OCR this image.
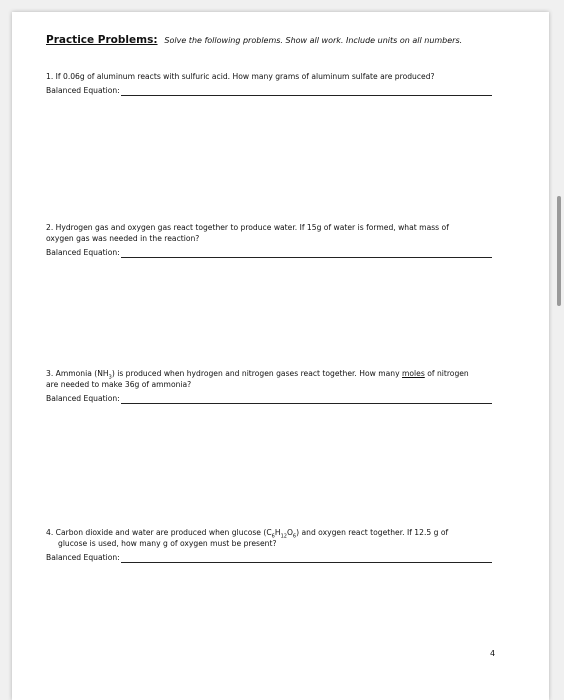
Practice Problems: Solve the following problems. Show all work. Include units on all numbers.
1. If 0.06g of aluminum reacts with sulfuric acid. How many grams of aluminum sulfate are produced?
Balanced Equation:
2. Hydrogen gas and oxygen gas react together to produce water. If 15g of water is formed, what mass of
oxygen gas was needed in the reaction?
Balanced Equation:
3. Ammonia $(NH_3)$ is produced when hydrogen and nitrogen gases react together. How many moles of nitrogen
are needed to make 36g of ammonia?
Balanced Equation:
4. Carbon dioxide and water are produced when glucose $(C_6H_{12}O_6)$ and oxygen react together. If 12.5 g of
glucose is used, how many g of oxygen must be present?
Balanced Equation:
4
